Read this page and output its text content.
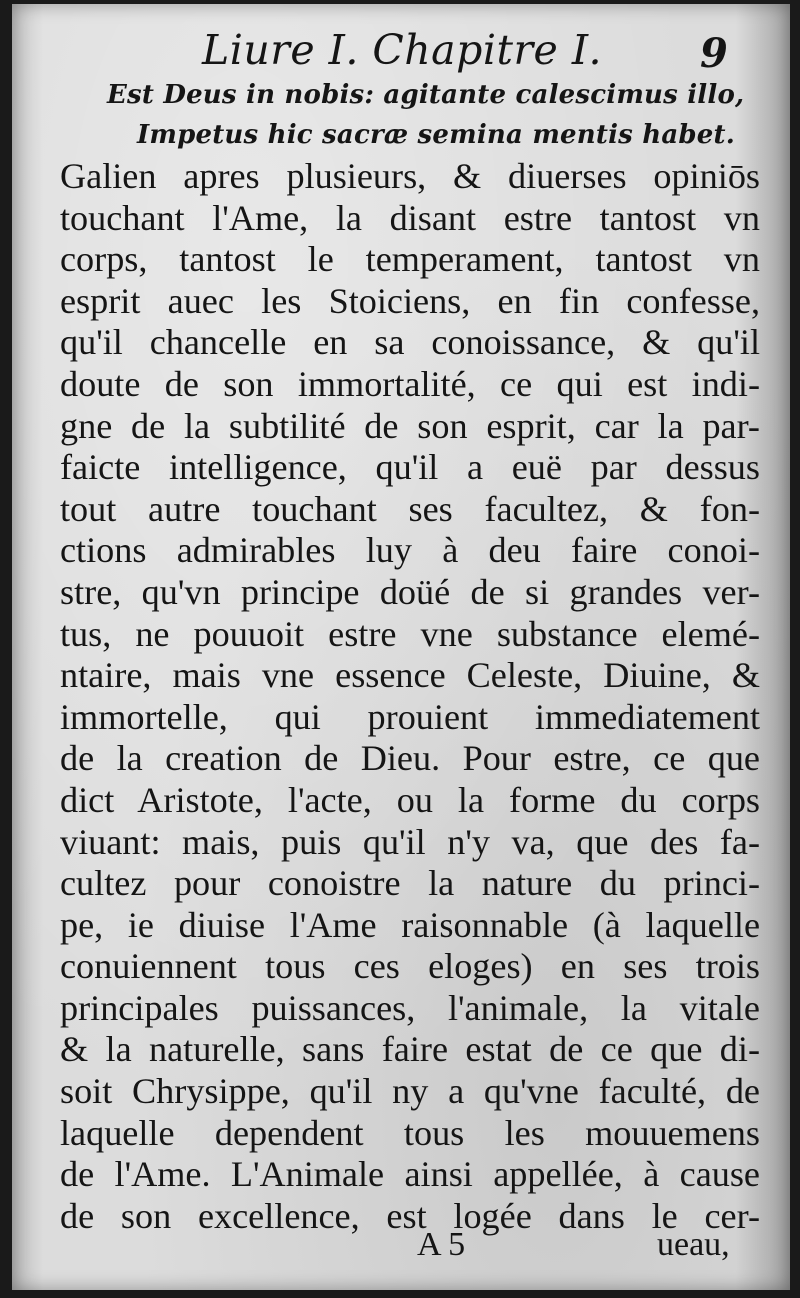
Liure I. Chapitre I. 9
Est Deus in nobis: agitante calescimus illo,
Impetus hic sacræ semina mentis habet.
Galien apres plusieurs, & diuerses opiniōs
touchant l'Ame, la disant estre tantost vn
corps, tantost le temperament, tantost vn
esprit auec les Stoiciens, en fin confesse,
qu'il chancelle en sa conoissance, & qu'il
doute de son immortalité, ce qui est indi-
gne de la subtilité de son esprit, car la par-
faicte intelligence, qu'il a euë par dessus
tout autre touchant ses facultez, & fon-
ctions admirables luy à deu faire conoi-
stre, qu'vn principe doüé de si grandes ver-
tus, ne pouuoit estre vne substance elemé-
ntaire, mais vne essence Celeste, Diuine, &
immortelle, qui prouient immediatement
de la creation de Dieu. Pour estre, ce que
dict Aristote, l'acte, ou la forme du corps
viuant: mais, puis qu'il n'y va, que des fa-
cultez pour conoistre la nature du princi-
pe, ie diuise l'Ame raisonnable (à laquelle
conuiennent tous ces eloges) en ses trois
principales puissances, l'animale, la vitale
& la naturelle, sans faire estat de ce que di-
soit Chrysippe, qu'il ny a qu'vne faculté, de
laquelle dependent tous les mouuemens
de l'Ame. L'Animale ainsi appellée, à cause
de son excellence, est logée dans le cer-
A 5	ueau,
